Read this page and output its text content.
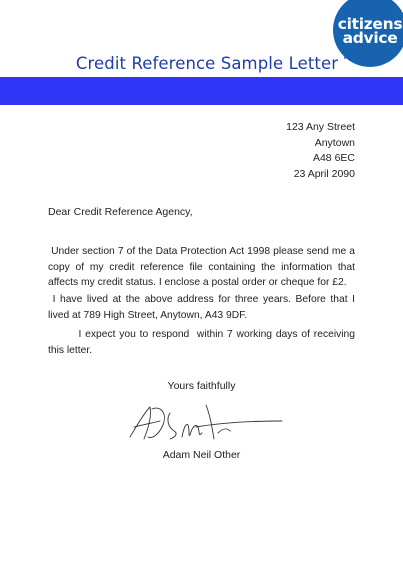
citizens
advice
Credit Reference Sample Letter
123 Any Street
Anytown
A48 6EC
23 April 2090
Dear Credit Reference Agency,
Under section 7 of the Data Protection Act 1998 please send me a copy of my credit reference file containing the information that affects my credit status. I enclose a postal order or cheque for £2.
I have lived at the above address for three years. Before that I lived at 789 High Street, Anytown, A43 9DF.
I expect you to respond  within 7 working days of receiving this letter.
Yours faithfully
Adam Neil Other
